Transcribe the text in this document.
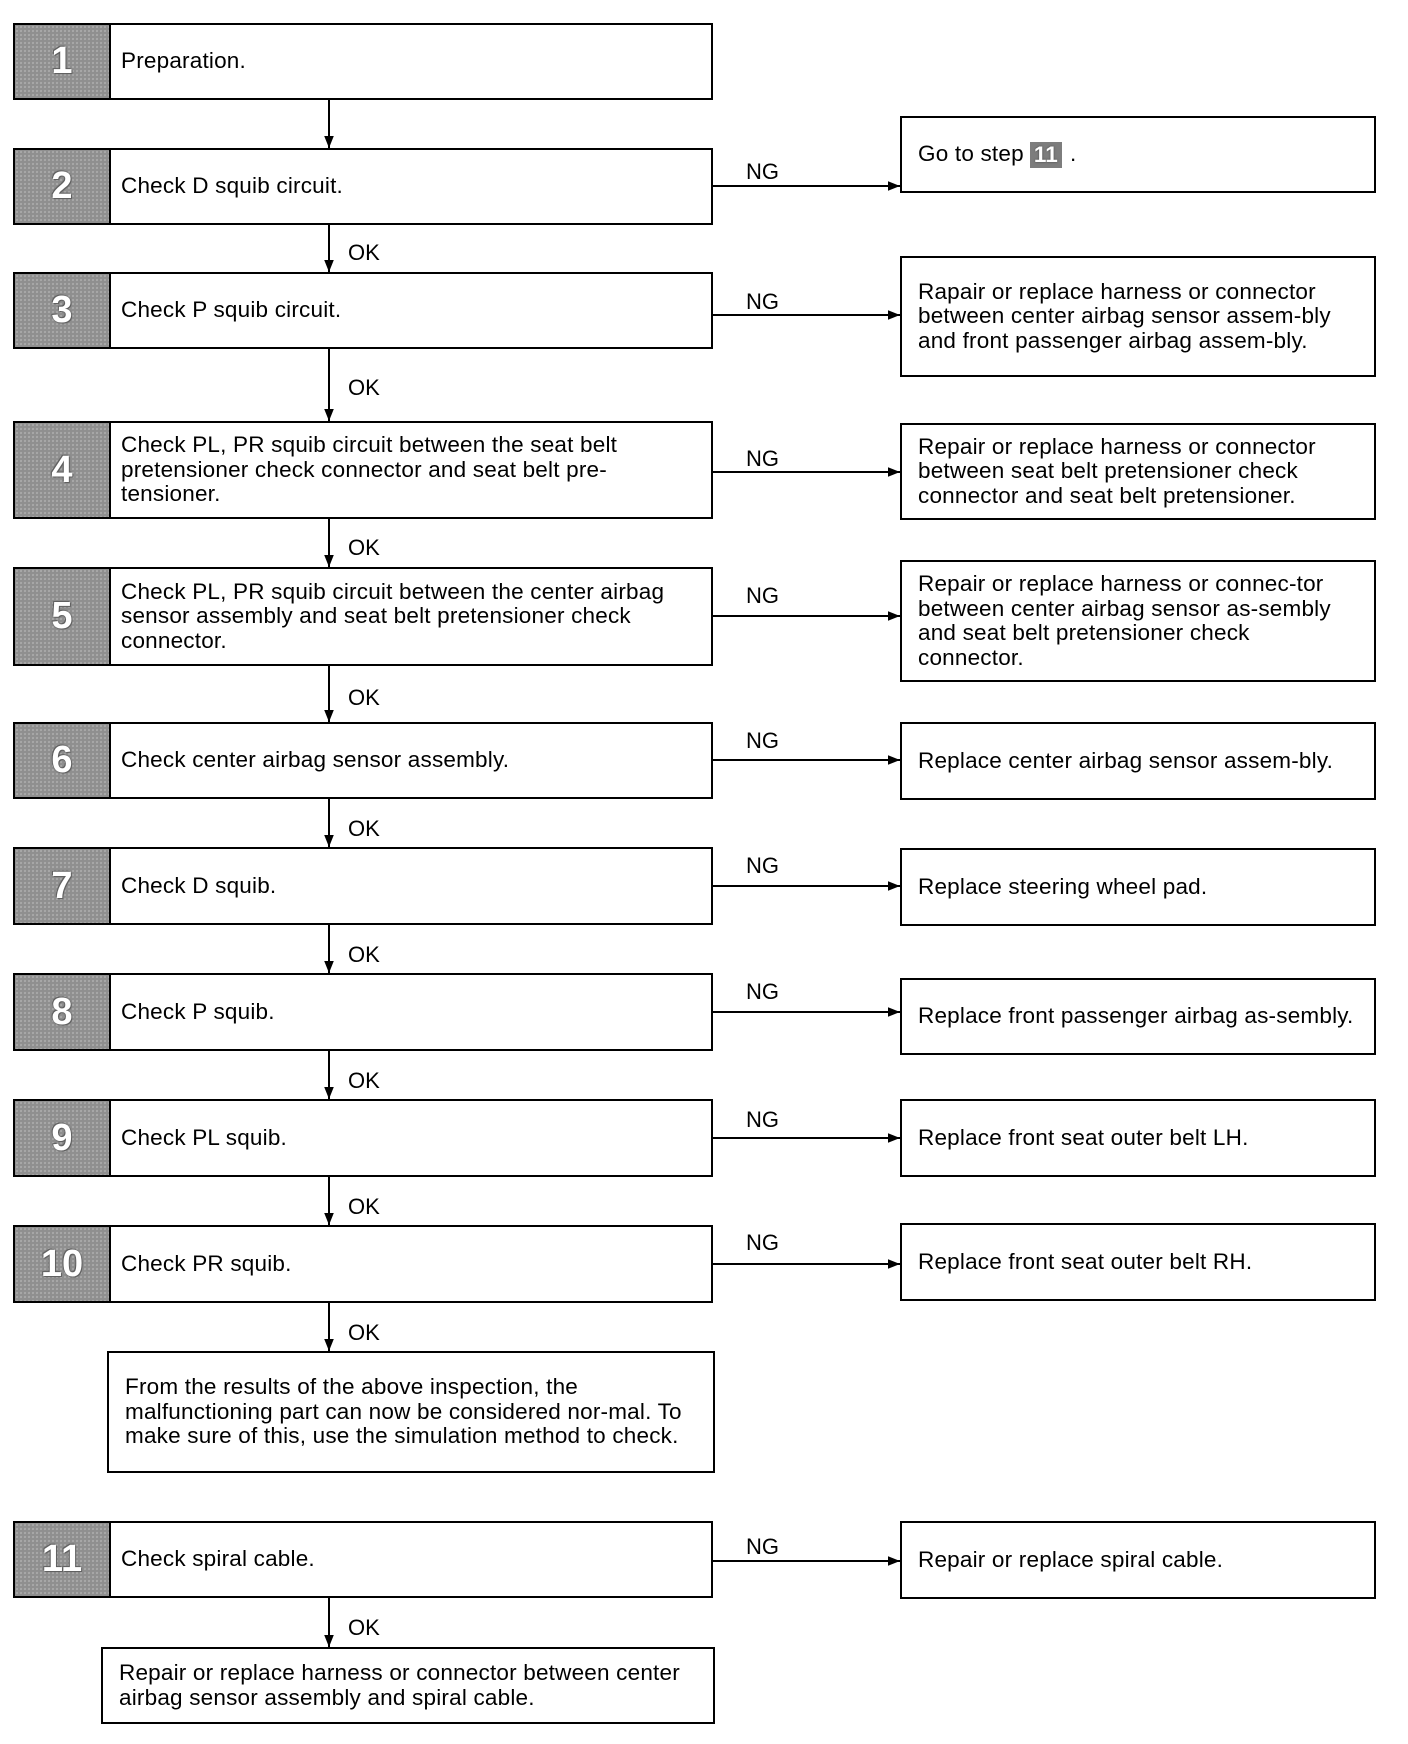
1	Preparation.
2	Check D squib circuit.
3	Check P squib circuit.
4
Check PL, PR squib circuit between the seat belt pretensioner check connector and seat belt pre-tensioner.
5
Check PL, PR squib circuit between the center airbag sensor assembly and seat belt pretensioner check connector.
6	Check center airbag sensor assembly.
7	Check D squib.
8	Check P squib.
9	Check PL squib.
10	Check PR squib.
11	Check spiral cable.
From the results of the above inspection, the malfunctioning part can now be considered nor-mal. To make sure of this, use the simulation method to check.
Repair or replace harness or connector between center airbag sensor assembly and spiral cable.
Go to step 11 .
Rapair or replace harness or connector between center airbag sensor assem-bly and front passenger airbag assem-bly.
Repair or replace harness or connector between seat belt pretensioner check connector and seat belt pretensioner.
Repair or replace harness or connec-tor between center airbag sensor as-sembly and seat belt pretensioner check connector.
Replace center airbag sensor assem-bly.
Replace steering wheel pad.
Replace front passenger airbag as-sembly.
Replace front seat outer belt LH.
Replace front seat outer belt RH.
Repair or replace spiral cable.
OK
OK
OK
OK
OK
OK
OK
OK
OK
OK
NG
NG
NG
NG
NG
NG
NG
NG
NG
NG
